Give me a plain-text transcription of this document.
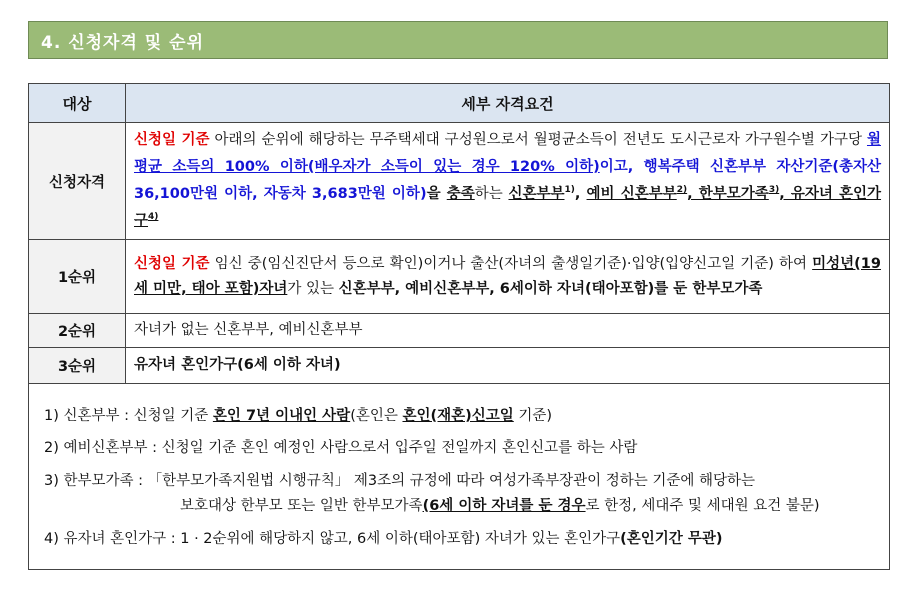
4. 신청자격 및 순위
대상	세부 자격요건
신청자격	신청일 기준 아래의 순위에 해당하는 무주택세대 구성원으로서 월평균소득이 전년도 도시근로자 가구원수별 가구당 월평균 소득의 100% 이하(배우자가 소득이 있는 경우 120% 이하)이고, 행복주택 신혼부부 자산기준(총자산 36,100만원 이하, 자동차 3,683만원 이하)을 충족하는 신혼부부$^{1)}$, 예비 신혼부부$^{2)}$, 한부모가족$^{3)}$, 유자녀 혼인가구$^{4)}$
1순위	신청일 기준 임신 중(임신진단서 등으로 확인)이거나 출산(자녀의 출생일기준)·입양(입양신고일 기준) 하여 미성년(19세 미만, 태아 포함)자녀가 있는 신혼부부, 예비신혼부부, 6세이하 자녀(태아포함)를 둔 한부모가족
2순위	자녀가 없는 신혼부부, 예비신혼부부
3순위	유자녀 혼인가구(6세 이하 자녀)
1) 신혼부부 : 신청일 기준 혼인 7년 이내인 사람(혼인은 혼인(재혼)신고일 기준)
2) 예비신혼부부 : 신청일 기준 혼인 예정인 사람으로서 입주일 전일까지 혼인신고를 하는 사람
3) 한부모가족 : 「한부모가족지원법 시행규칙」 제3조의 규정에 따라 여성가족부장관이 정하는 기준에 해당하는
보호대상 한부모 또는 일반 한부모가족(6세 이하 자녀를 둔 경우로 한정, 세대주 및 세대원 요건 불문)
4) 유자녀 혼인가구 : 1 · 2순위에 해당하지 않고, 6세 이하(태아포함) 자녀가 있는 혼인가구(혼인기간 무관)
